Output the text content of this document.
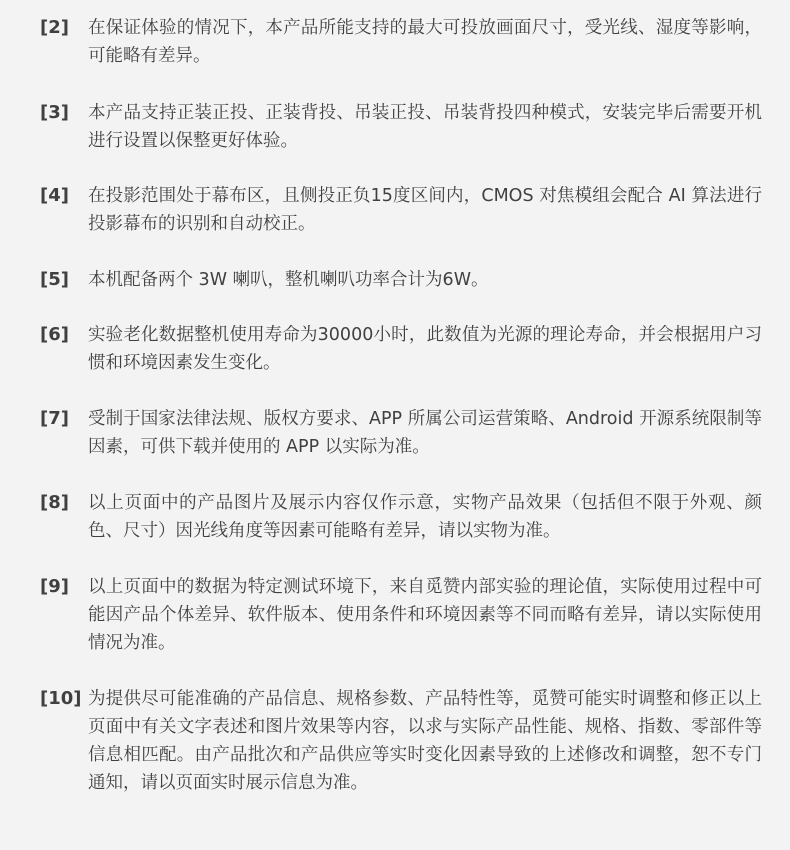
[2]	在保证体验的情况下，本产品所能支持的最大可投放画面尺寸，受光线、湿度等影响，可能略有差异。
[3]	本产品支持正装正投、正装背投、吊装正投、吊装背投四种模式，安装完毕后需要开机进行设置以保整更好体验。
[4]	在投影范围处于幕布区，且侧投正负15度区间内，CMOS 对焦模组会配合 AI 算法进行投影幕布的识别和自动校正。
[5]	本机配备两个 3W 喇叭，整机喇叭功率合计为6W。
[6]	实验老化数据整机使用寿命为30000小时，此数值为光源的理论寿命，并会根据用户习惯和环境因素发生变化。
[7]	受制于国家法律法规、版权方要求、APP 所属公司运营策略、Android 开源系统限制等因素，可供下载并使用的 APP 以实际为准。
[8]	以上页面中的产品图片及展示内容仅作示意，实物产品效果（包括但不限于外观、颜色、尺寸）因光线角度等因素可能略有差异，请以实物为准。
[9]	以上页面中的数据为特定测试环境下，来自觅赞内部实验的理论值，实际使用过程中可能因产品个体差异、软件版本、使用条件和环境因素等不同而略有差异，请以实际使用情况为准。
[10] 为提供尽可能准确的产品信息、规格参数、产品特性等，觅赞可能实时调整和修正以上页面中有关文字表述和图片效果等内容，以求与实际产品性能、规格、指数、零部件等信息相匹配。由产品批次和产品供应等实时变化因素导致的上述修改和调整，恕不专门通知，请以页面实时展示信息为准。
